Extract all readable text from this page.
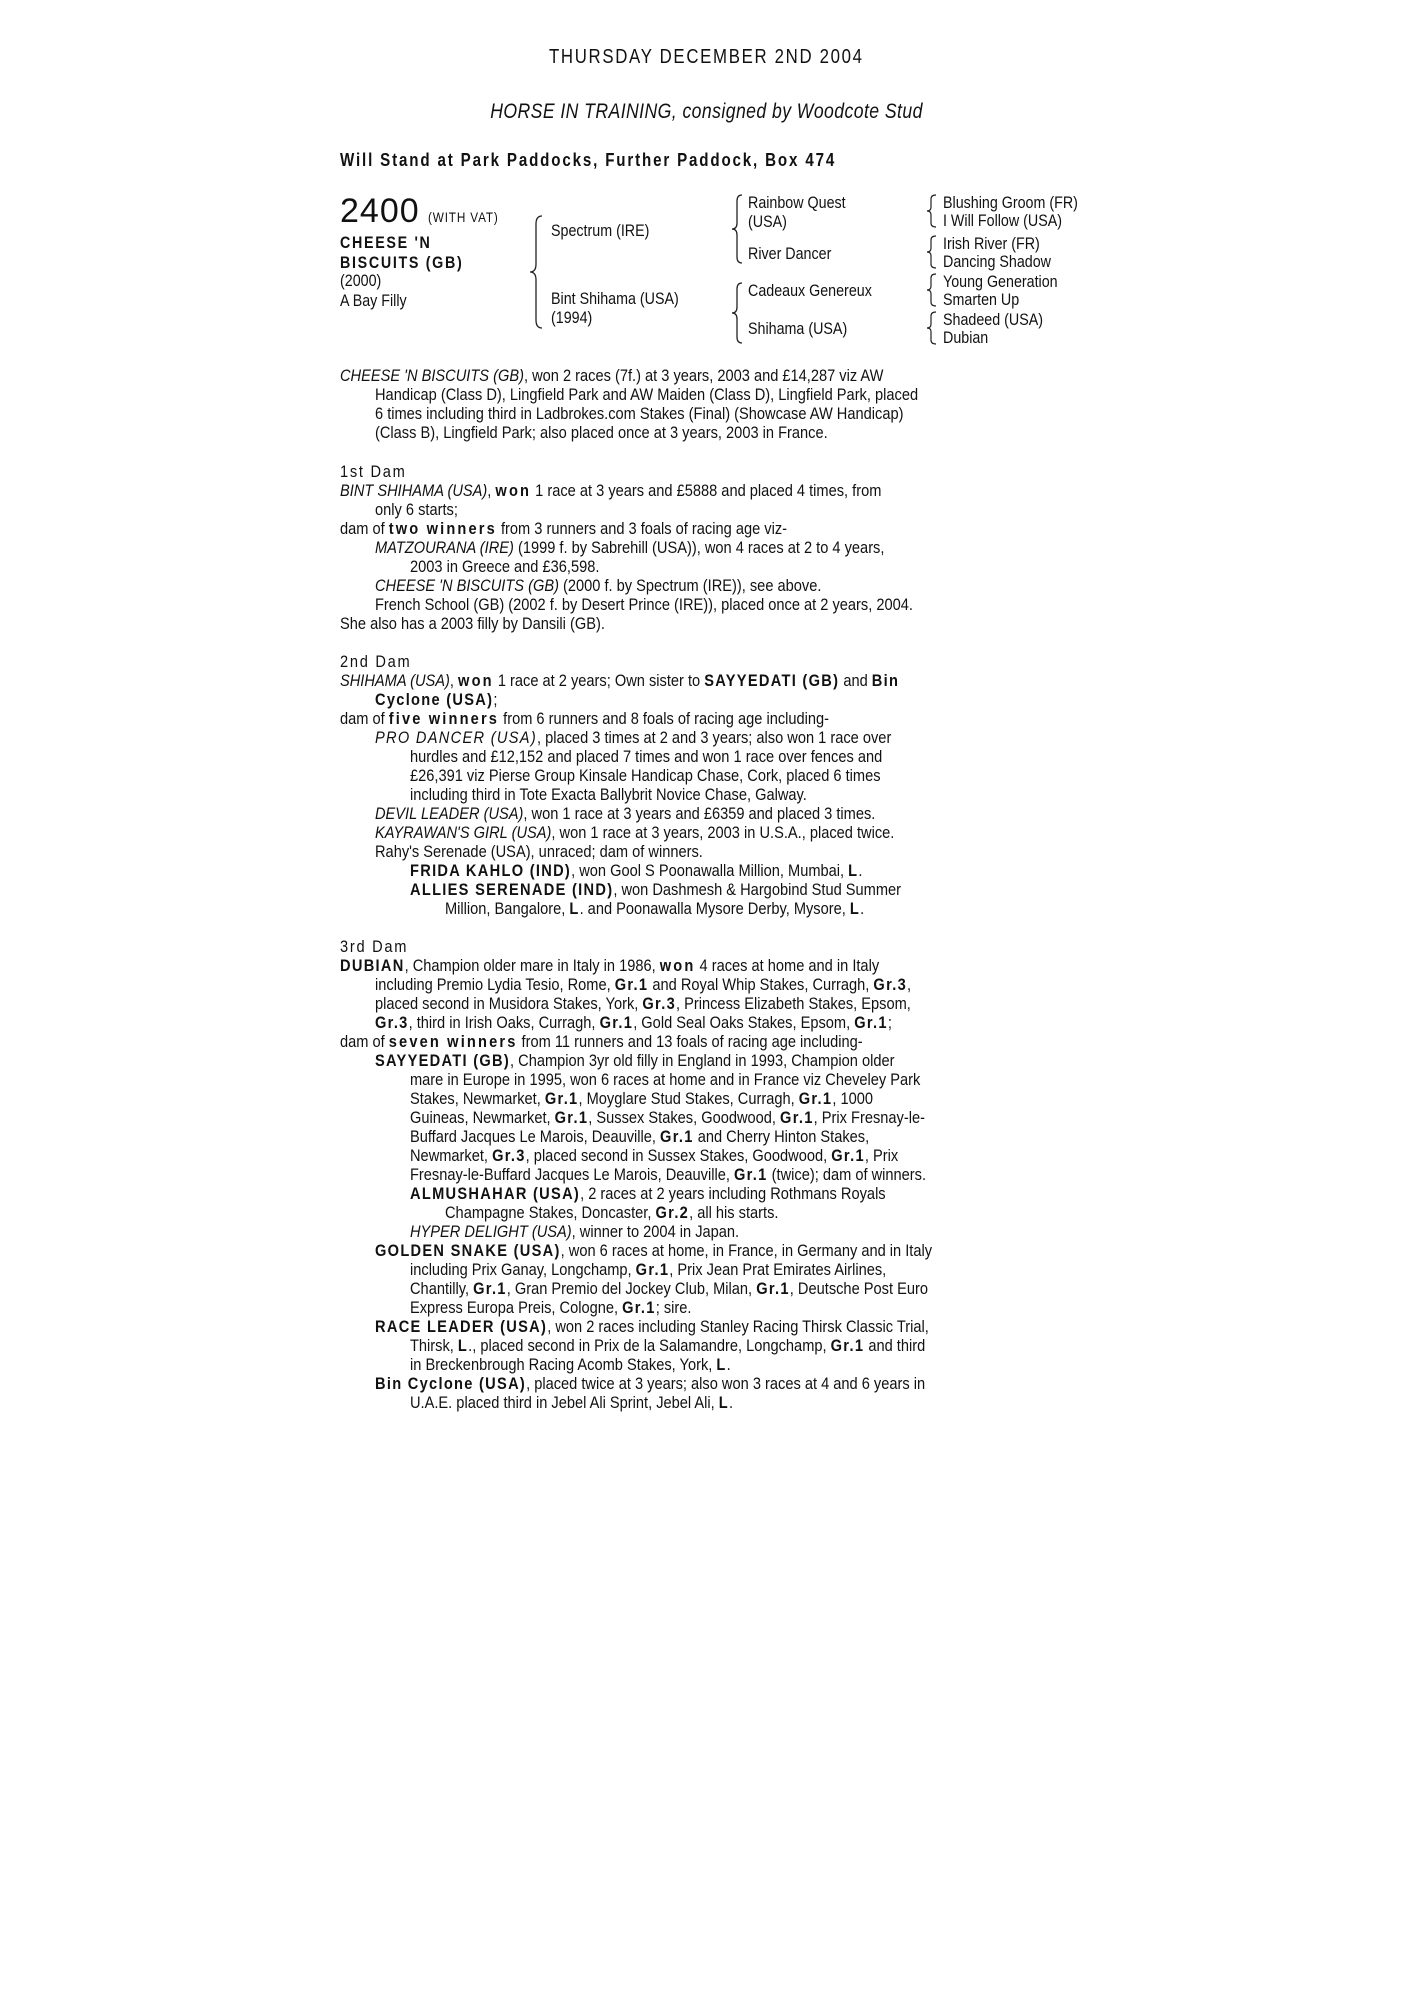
THURSDAY DECEMBER 2ND 2004
HORSE IN TRAINING, consigned by Woodcote Stud
Will Stand at Park Paddocks, Further Paddock, Box 474
2400 (WITH VAT)
CHEESE 'N
BISCUITS (GB)
(2000)
A Bay Filly
Spectrum (IRE)
Bint Shihama (USA)
(1994)
Rainbow Quest
(USA)
River Dancer
Cadeaux Genereux
Shihama (USA)
Blushing Groom (FR)
I Will Follow (USA)
Irish River (FR)
Dancing Shadow
Young Generation
Smarten Up
Shadeed (USA)
Dubian
CHEESE 'N BISCUITS (GB), won 2 races (7f.) at 3 years, 2003 and £14,287 viz AW
Handicap (Class D), Lingfield Park and AW Maiden (Class D), Lingfield Park, placed
6 times including third in Ladbrokes.com Stakes (Final) (Showcase AW Handicap)
(Class B), Lingfield Park; also placed once at 3 years, 2003 in France.
1st Dam
BINT SHIHAMA (USA), won 1 race at 3 years and £5888 and placed 4 times, from
only 6 starts;
dam of two winners from 3 runners and 3 foals of racing age viz-
MATZOURANA (IRE) (1999 f. by Sabrehill (USA)), won 4 races at 2 to 4 years,
2003 in Greece and £36,598.
CHEESE 'N BISCUITS (GB) (2000 f. by Spectrum (IRE)), see above.
French School (GB) (2002 f. by Desert Prince (IRE)), placed once at 2 years, 2004.
She also has a 2003 filly by Dansili (GB).
2nd Dam
SHIHAMA (USA), won 1 race at 2 years; Own sister to SAYYEDATI (GB) and Bin
Cyclone (USA);
dam of five winners from 6 runners and 8 foals of racing age including-
PRO DANCER (USA), placed 3 times at 2 and 3 years; also won 1 race over
hurdles and £12,152 and placed 7 times and won 1 race over fences and
£26,391 viz Pierse Group Kinsale Handicap Chase, Cork, placed 6 times
including third in Tote Exacta Ballybrit Novice Chase, Galway.
DEVIL LEADER (USA), won 1 race at 3 years and £6359 and placed 3 times.
KAYRAWAN'S GIRL (USA), won 1 race at 3 years, 2003 in U.S.A., placed twice.
Rahy's Serenade (USA), unraced; dam of winners.
FRIDA KAHLO (IND), won Gool S Poonawalla Million, Mumbai, L.
ALLIES SERENADE (IND), won Dashmesh & Hargobind Stud Summer
Million, Bangalore, L. and Poonawalla Mysore Derby, Mysore, L.
3rd Dam
DUBIAN, Champion older mare in Italy in 1986, won 4 races at home and in Italy
including Premio Lydia Tesio, Rome, Gr.1 and Royal Whip Stakes, Curragh, Gr.3,
placed second in Musidora Stakes, York, Gr.3, Princess Elizabeth Stakes, Epsom,
Gr.3, third in Irish Oaks, Curragh, Gr.1, Gold Seal Oaks Stakes, Epsom, Gr.1;
dam of seven winners from 11 runners and 13 foals of racing age including-
SAYYEDATI (GB), Champion 3yr old filly in England in 1993, Champion older
mare in Europe in 1995, won 6 races at home and in France viz Cheveley Park
Stakes, Newmarket, Gr.1, Moyglare Stud Stakes, Curragh, Gr.1, 1000
Guineas, Newmarket, Gr.1, Sussex Stakes, Goodwood, Gr.1, Prix Fresnay-le-
Buffard Jacques Le Marois, Deauville, Gr.1 and Cherry Hinton Stakes,
Newmarket, Gr.3, placed second in Sussex Stakes, Goodwood, Gr.1, Prix
Fresnay-le-Buffard Jacques Le Marois, Deauville, Gr.1 (twice); dam of winners.
ALMUSHAHAR (USA), 2 races at 2 years including Rothmans Royals
Champagne Stakes, Doncaster, Gr.2, all his starts.
HYPER DELIGHT (USA), winner to 2004 in Japan.
GOLDEN SNAKE (USA), won 6 races at home, in France, in Germany and in Italy
including Prix Ganay, Longchamp, Gr.1, Prix Jean Prat Emirates Airlines,
Chantilly, Gr.1, Gran Premio del Jockey Club, Milan, Gr.1, Deutsche Post Euro
Express Europa Preis, Cologne, Gr.1; sire.
RACE LEADER (USA), won 2 races including Stanley Racing Thirsk Classic Trial,
Thirsk, L., placed second in Prix de la Salamandre, Longchamp, Gr.1 and third
in Breckenbrough Racing Acomb Stakes, York, L.
Bin Cyclone (USA), placed twice at 3 years; also won 3 races at 4 and 6 years in
U.A.E. placed third in Jebel Ali Sprint, Jebel Ali, L.
